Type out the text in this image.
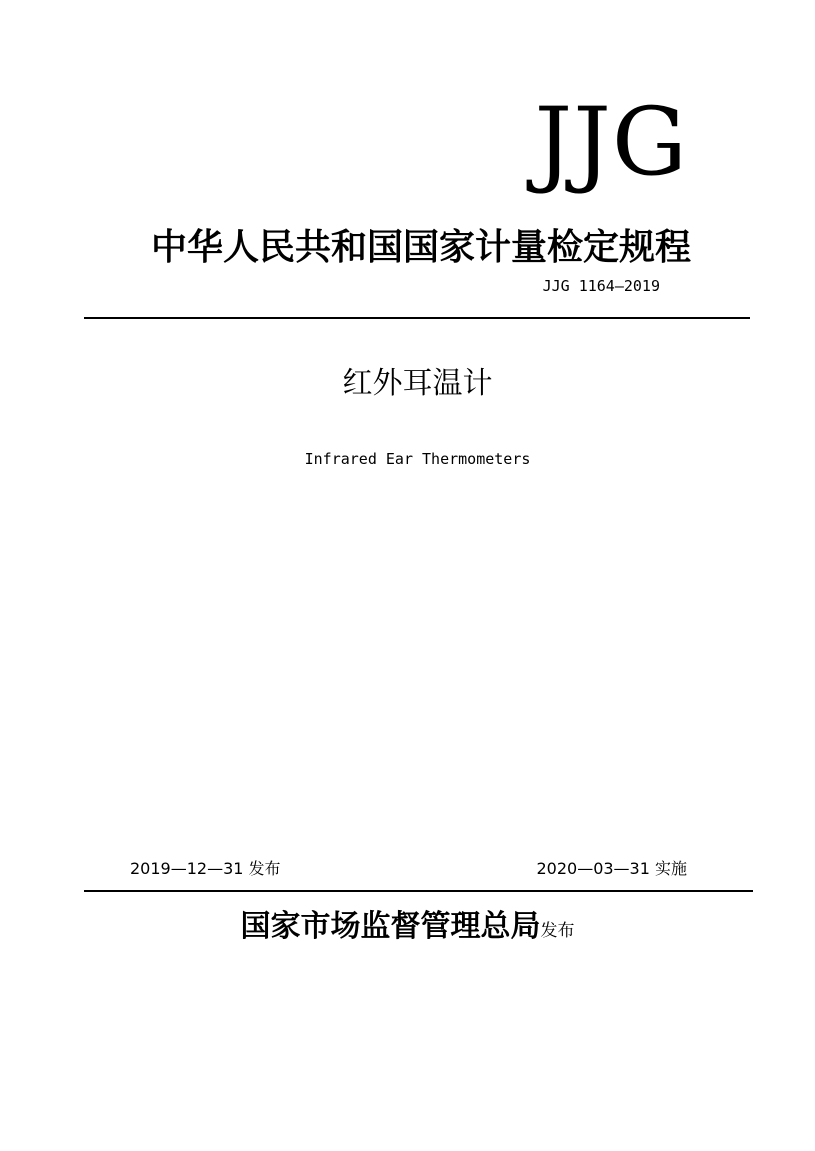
JJG
中华人民共和国国家计量检定规程
JJG 1164—2019
红外耳温计
Infrared Ear Thermometers
2019—12—31 发布	2020—03—31 实施
国家市场监督管理总局发布
